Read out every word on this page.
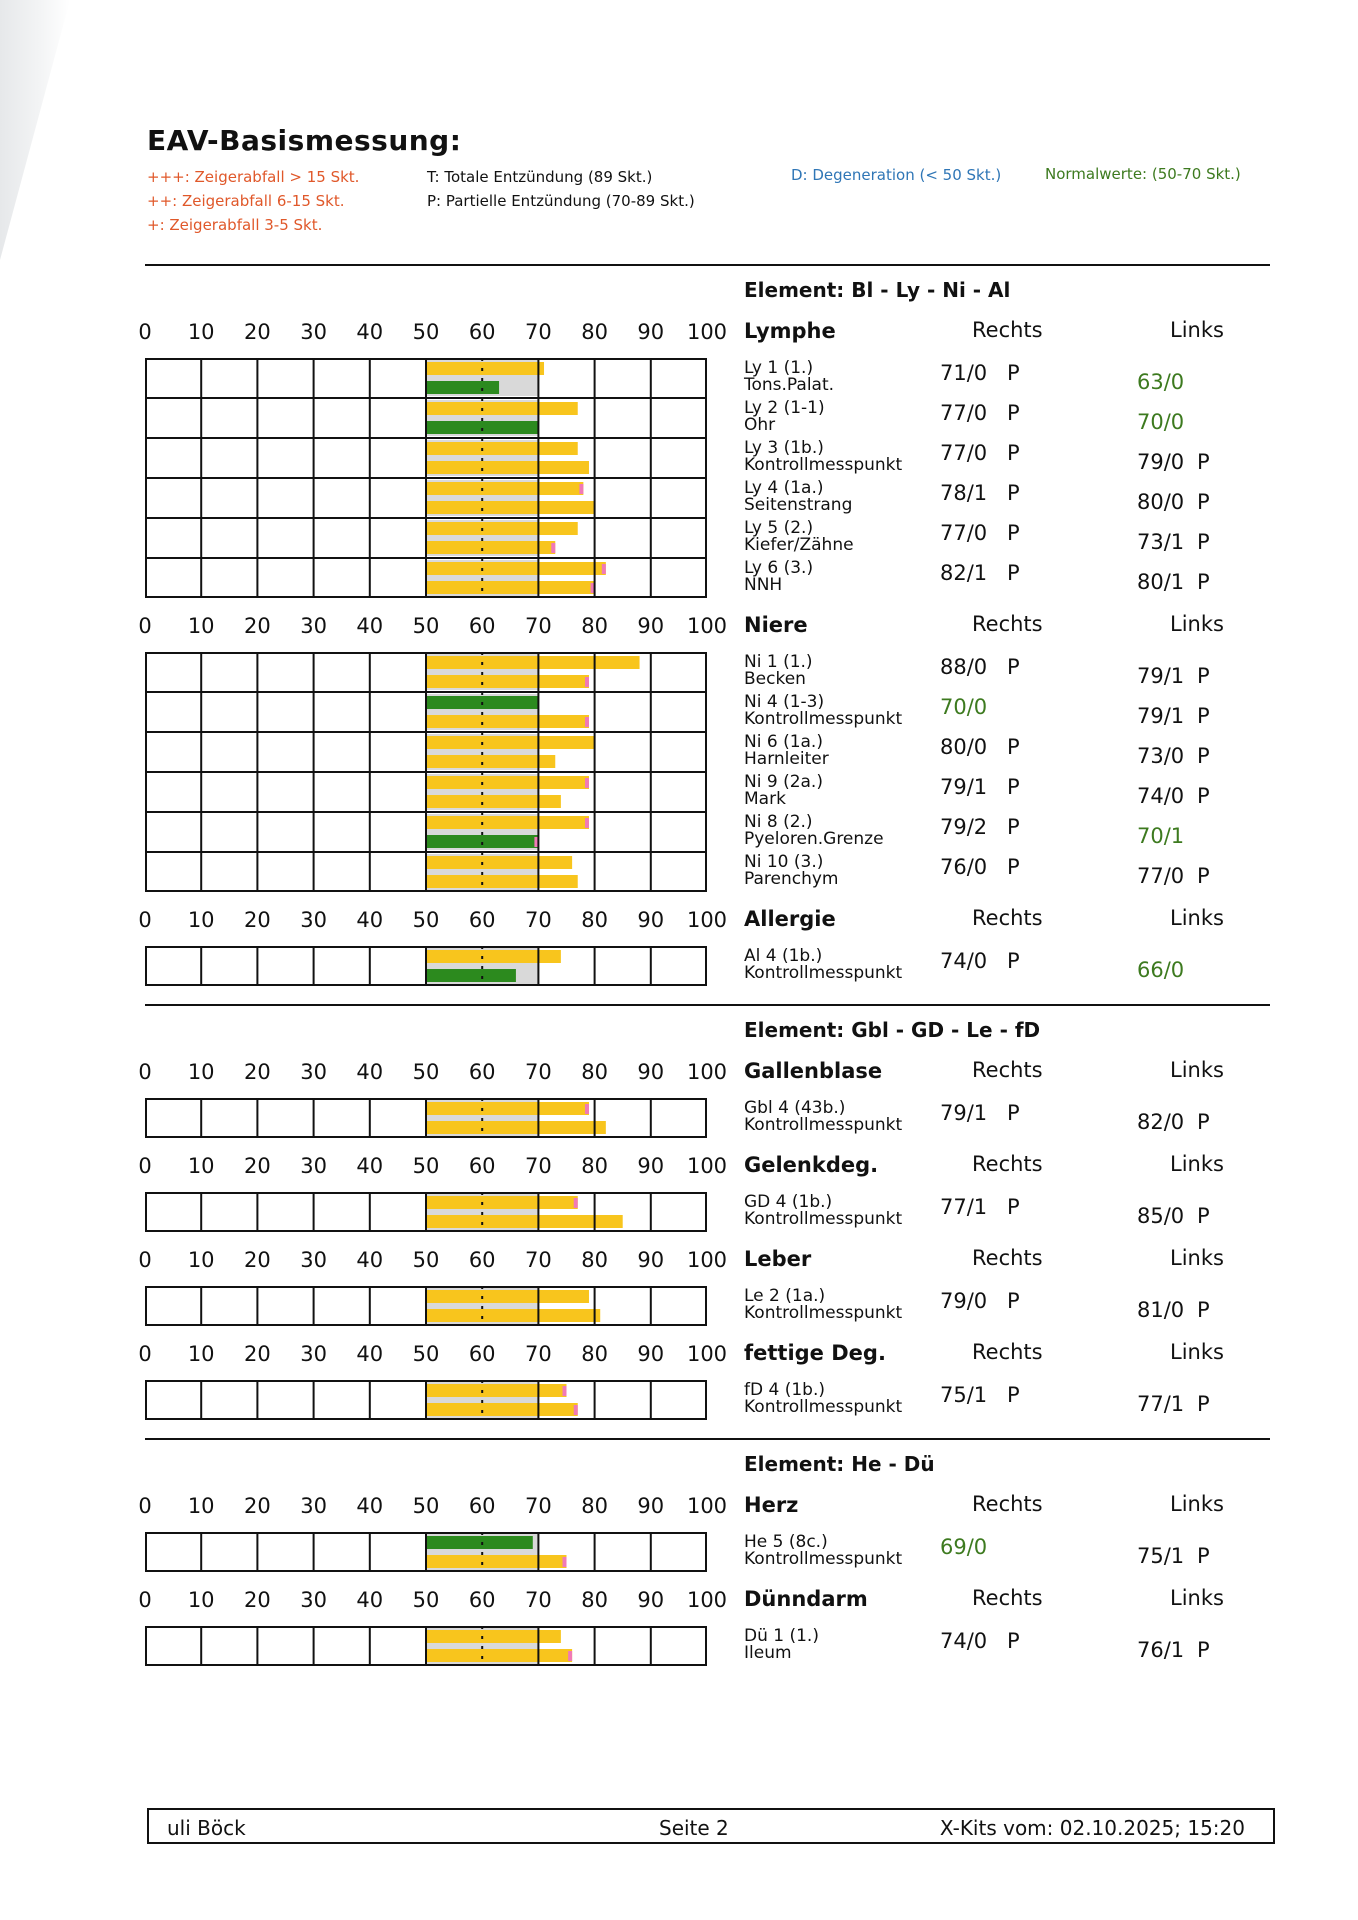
EAV-Basismessung:
+++: Zeigerabfall > 15 Skt.
++: Zeigerabfall 6-15 Skt.
+: Zeigerabfall 3-5 Skt.
T: Totale Entzündung (89 Skt.)
P: Partielle Entzündung (70-89 Skt.)
D: Degeneration (< 50 Skt.)	Normalwerte: (50-70 Skt.)
Element: Bl - Ly - Ni - Al
0 10 20 30 40 50 60 70 80 90 100 Lymphe	Rechts	Links
Ly 1 (1.)
Tons.Palat.	71/0 P	63/0
Ly 2 (1-1)
Ohr	77/0 P	70/0
Ly 3 (1b.)
Kontrollmesspunkt 77/0 P	79/0 P
Ly 4 (1a.)
Seitenstrang	78/1 P	80/0 P
Ly 5 (2.)
Kiefer/Zähne	77/0 P	73/1 P
Ly 6 (3.)
NNH	82/1 P	80/1 P
0 10 20 30 40 50 60 70 80 90 100 Niere	Rechts	Links
Ni 1 (1.)
Becken	88/0 P	79/1 P
Ni 4 (1-3)
Kontrollmesspunkt 70/0	79/1 P
Ni 6 (1a.)
Harnleiter	80/0 P	73/0 P
Ni 9 (2a.)
Mark	79/1 P	74/0 P
Ni 8 (2.)
Pyeloren.Grenze	79/2 P	70/1
Ni 10 (3.)
Parenchym	76/0 P	77/0 P
0 10 20 30 40 50 60 70 80 90 100 Allergie	Rechts	Links
Al 4 (1b.)
Kontrollmesspunkt 74/0 P	66/0
Element: Gbl - GD - Le - fD
0 10 20 30 40 50 60 70 80 90 100 Gallenblase	Rechts	Links
Gbl 4 (43b.)
Kontrollmesspunkt 79/1 P	82/0 P
0 10 20 30 40 50 60 70 80 90 100 Gelenkdeg.	Rechts	Links
GD 4 (1b.)
Kontrollmesspunkt 77/1 P	85/0 P
0 10 20 30 40 50 60 70 80 90 100 Leber	Rechts	Links
Le 2 (1a.)
Kontrollmesspunkt 79/0 P	81/0 P
0 10 20 30 40 50 60 70 80 90 100 fettige Deg.	Rechts	Links
fD 4 (1b.)
Kontrollmesspunkt 75/1 P	77/1 P
Element: He - Dü
0 10 20 30 40 50 60 70 80 90 100 Herz	Rechts	Links
He 5 (8c.)
Kontrollmesspunkt 69/0	75/1 P
0 10 20 30 40 50 60 70 80 90 100 Dünndarm	Rechts	Links
Dü 1 (1.)
Ileum	74/0 P	76/1 P
uli Böck	Seite 2	X-Kits vom: 02.10.2025; 15:20
